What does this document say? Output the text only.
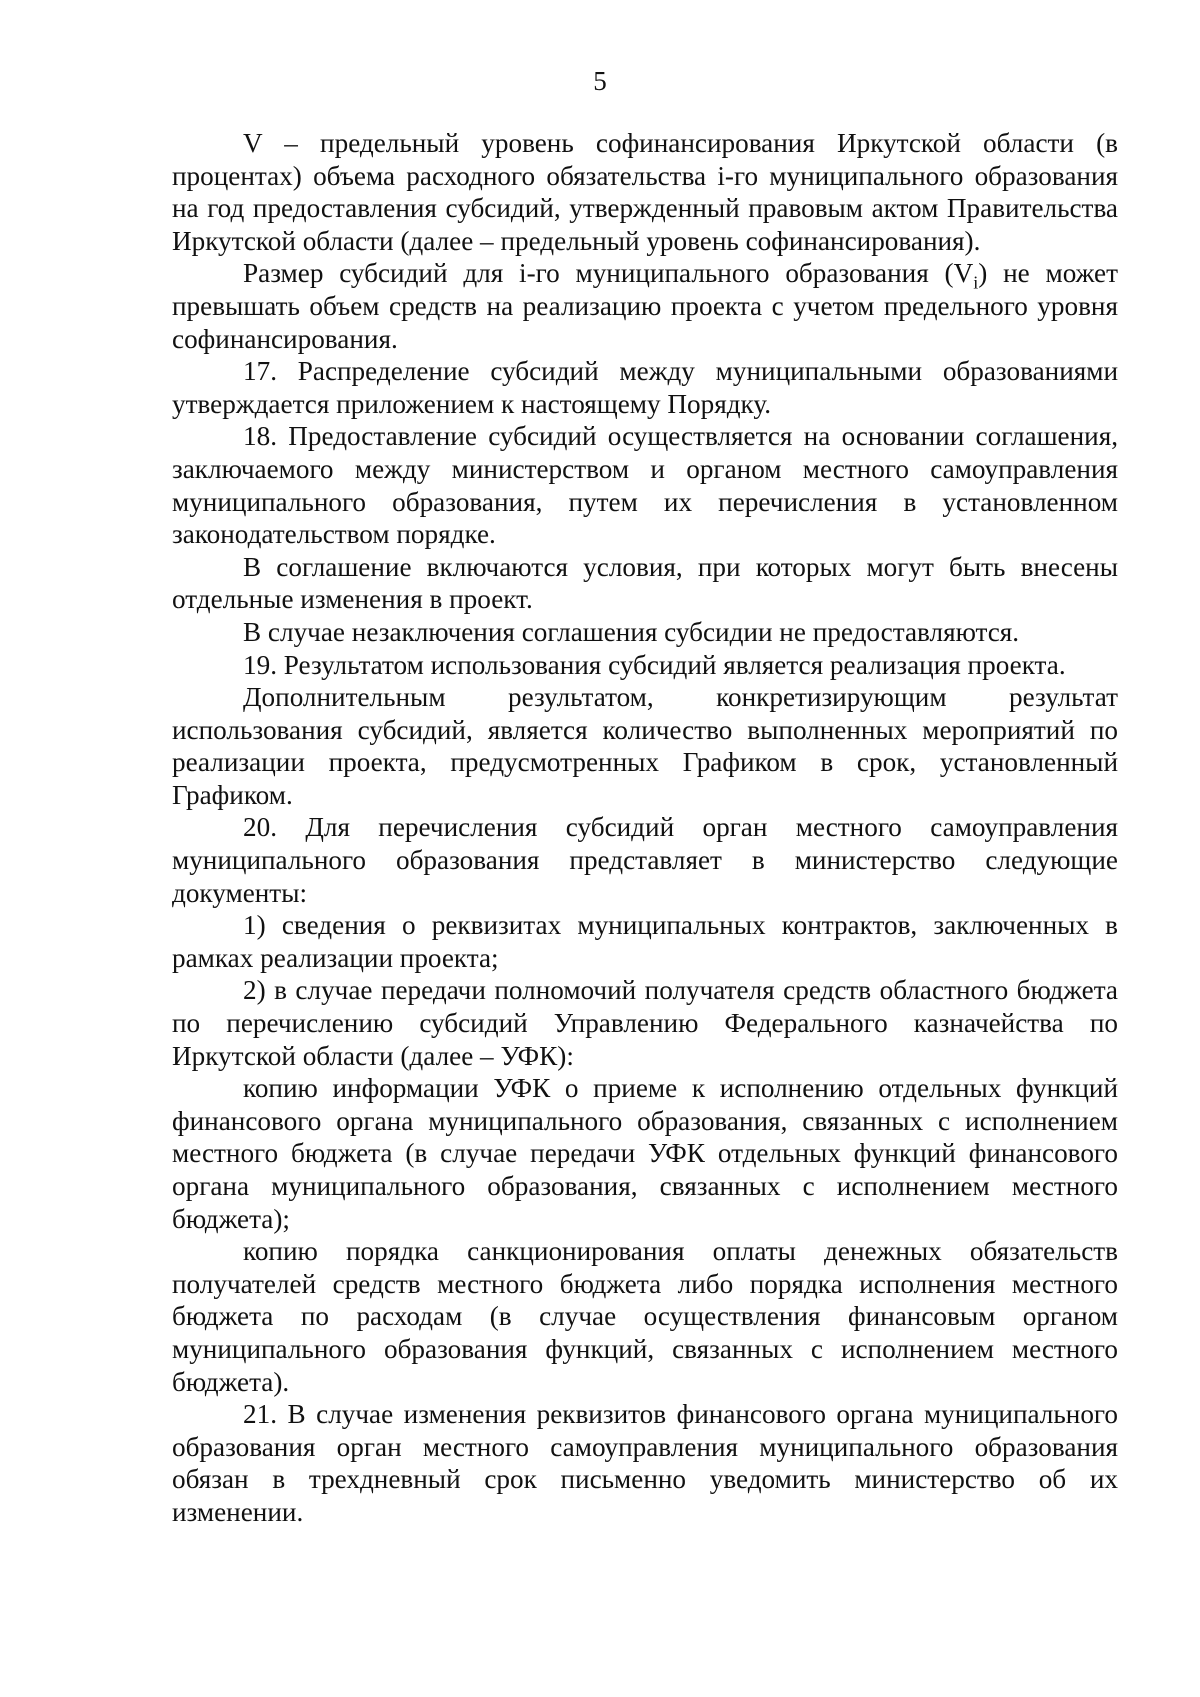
5

V – предельный уровень софинансирования Иркутской области (в процентах) объема расходного обязательства i-го муниципального образования на год предоставления субсидий, утвержденный правовым актом Правительства Иркутской области (далее – предельный уровень софинансирования).

Размер субсидий для i-го муниципального образования $(V_i)$ не может превышать объем средств на реализацию проекта с учетом предельного уровня софинансирования.

17. Распределение субсидий между муниципальными образованиями утверждается приложением к настоящему Порядку.

18. Предоставление субсидий осуществляется на основании соглашения, заключаемого между министерством и органом местного самоуправления муниципального образования, путем их перечисления в установленном законодательством порядке.

В соглашение включаются условия, при которых могут быть внесены отдельные изменения в проект.

В случае незаключения соглашения субсидии не предоставляются.

19. Результатом использования субсидий является реализация проекта.

Дополнительным результатом, конкретизирующим результат использования субсидий, является количество выполненных мероприятий по реализации проекта, предусмотренных Графиком в срок, установленный Графиком.

20. Для перечисления субсидий орган местного самоуправления муниципального образования представляет в министерство следующие документы:

1) сведения о реквизитах муниципальных контрактов, заключенных в рамках реализации проекта;

2) в случае передачи полномочий получателя средств областного бюджета по перечислению субсидий Управлению Федерального казначейства по Иркутской области (далее – УФК):

копию информации УФК о приеме к исполнению отдельных функций финансового органа муниципального образования, связанных с исполнением местного бюджета (в случае передачи УФК отдельных функций финансового органа муниципального образования, связанных с исполнением местного бюджета);

копию порядка санкционирования оплаты денежных обязательств получателей средств местного бюджета либо порядка исполнения местного бюджета по расходам (в случае осуществления финансовым органом муниципального образования функций, связанных с исполнением местного бюджета).

21. В случае изменения реквизитов финансового органа муниципального образования орган местного самоуправления муниципального образования обязан в трехдневный срок письменно уведомить министерство об их изменении.
